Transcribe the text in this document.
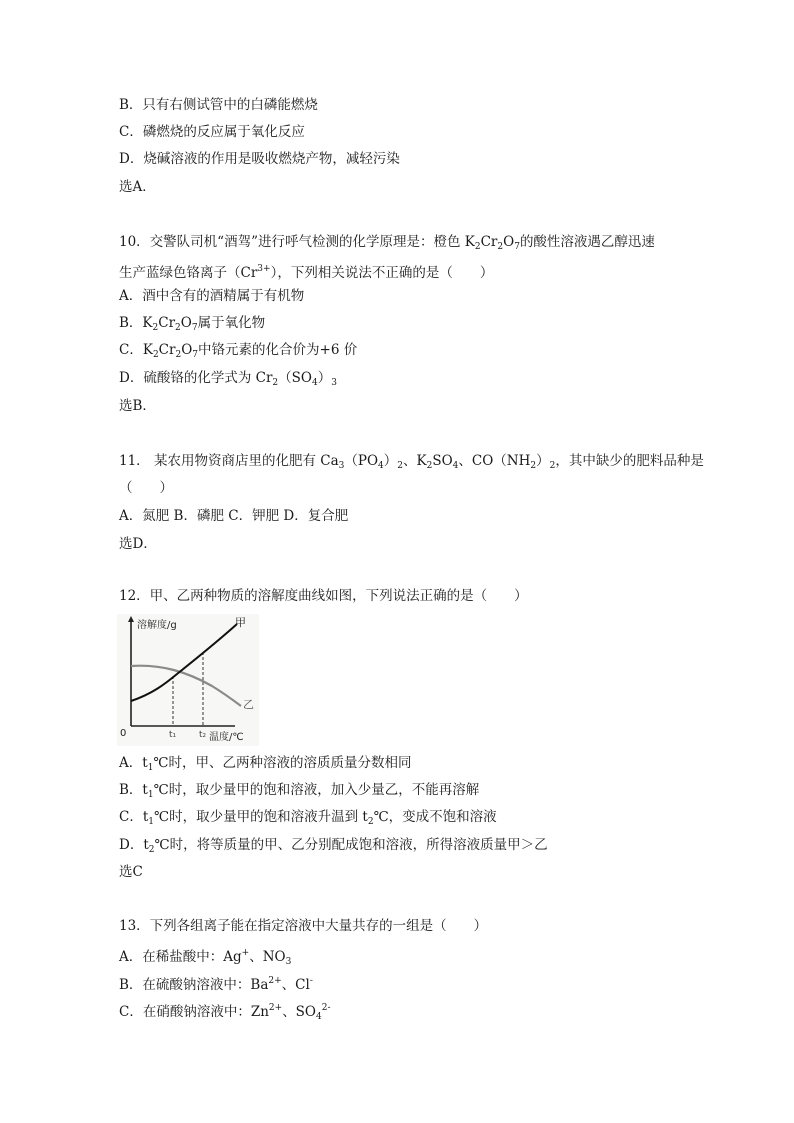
B．只有右侧试管中的白磷能燃烧
C．磷燃烧的反应属于氧化反应
D．烧碱溶液的作用是吸收燃烧产物，减轻污染
选A．
10．交警队司机“酒驾”进行呼气检测的化学原理是：橙色 $K_2Cr_2O_7$的酸性溶液遇乙醇迅速
生产蓝绿色铬离子$(Cr^{3+})$，下列相关说法不正确的是（　　）
A．酒中含有的酒精属于有机物
B．$K_2Cr_2O_7$属于氧化物
C．$K_2Cr_2O_7$中铬元素的化合价为+6 价
D．硫酸铬的化学式为 $Cr_2(SO_4)_3$
选B．
11． 某农用物资商店里的化肥有 $Ca_3(PO_4)_2$、$K_2SO_4$、$CO(NH_2)_2$，其中缺少的肥料品种是
（　　）
A．氮肥 B．磷肥 C．钾肥 D．复合肥
选D．
12．甲、乙两种物质的溶解度曲线如图，下列说法正确的是（　　）
溶解度/g	甲
乙
0	t₁	t₂ 温度/℃
A．$t_1℃$时，甲、乙两种溶液的溶质质量分数相同
B．$t_1℃$时，取少量甲的饱和溶液，加入少量乙，不能再溶解
C．$t_1℃$时，取少量甲的饱和溶液升温到 $t_2℃$，变成不饱和溶液
D．$t_2℃$时，将等质量的甲、乙分别配成饱和溶液，所得溶液质量甲＞乙
选C
13．下列各组离子能在指定溶液中大量共存的一组是（　　）
A．在稀盐酸中：Ag+、$NO_3$
B．在硫酸钠溶液中：$Ba^{2+}$、Cl-
C．在硝酸钠溶液中：$Zn^{2+}$、$SO_4^{2-}$
